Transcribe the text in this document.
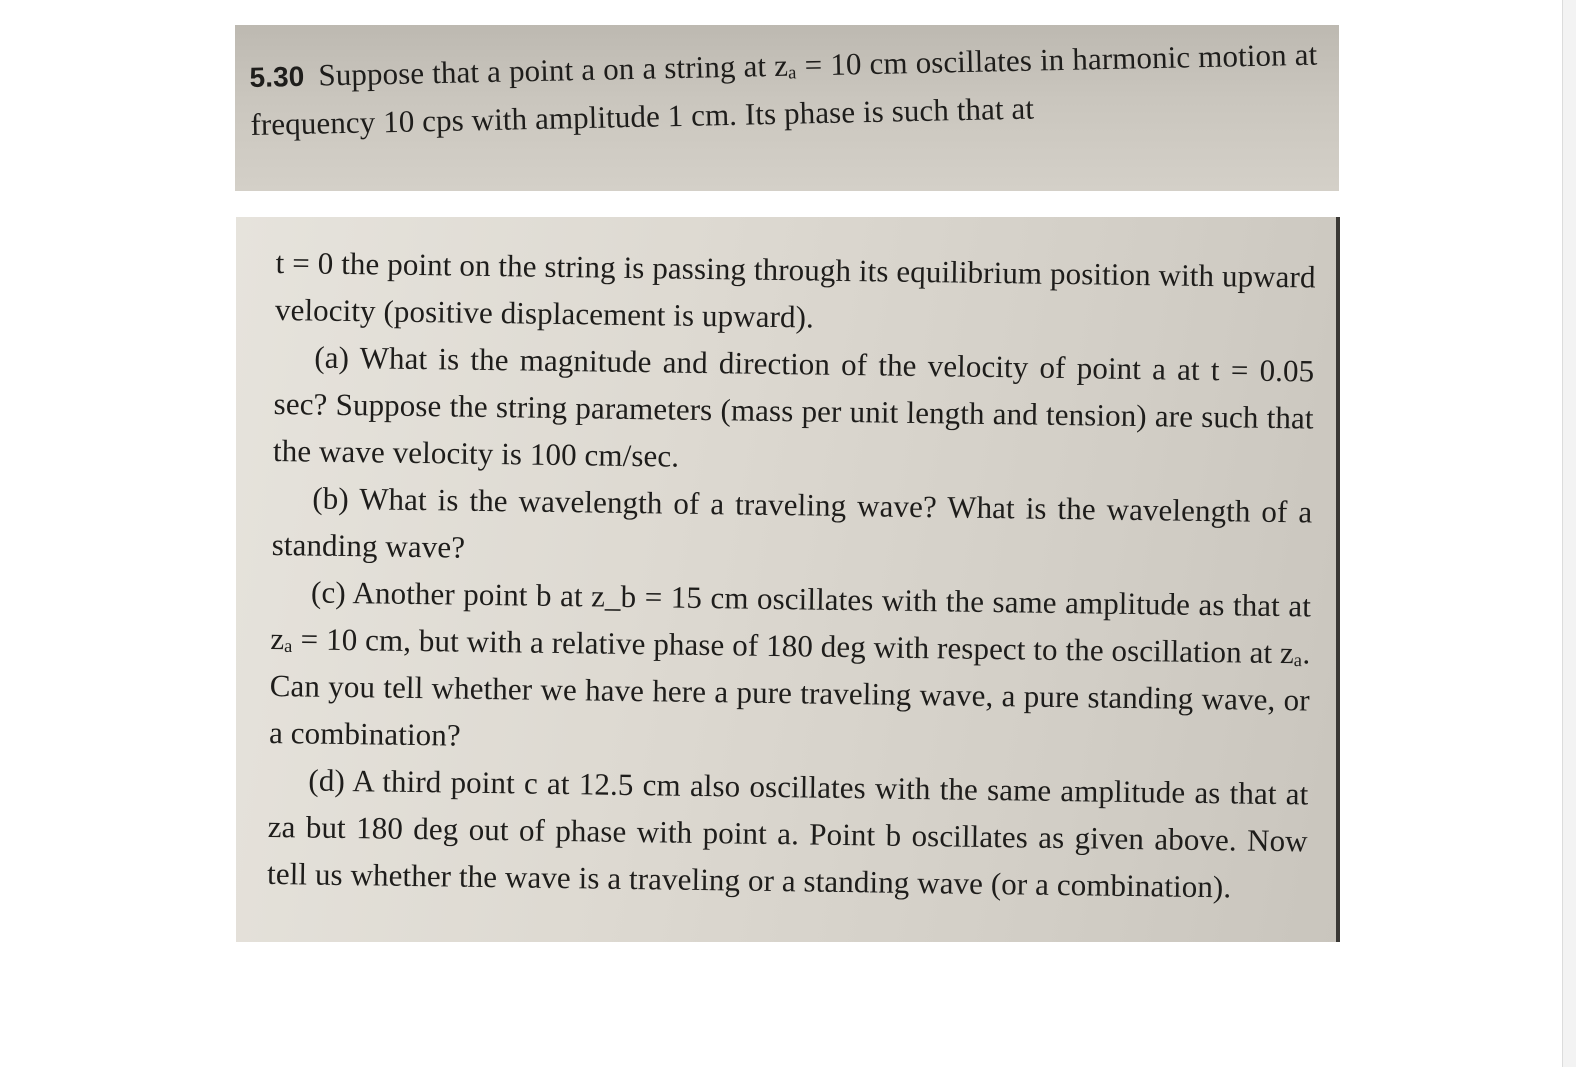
5.30 Suppose that a point a on a string at zₐ = 10 cm oscillates in harmonic motion at frequency 10 cps with amplitude 1 cm. Its phase is such that at

t = 0 the point on the string is passing through its equilibrium position with upward velocity (positive displacement is upward).
(a) What is the magnitude and direction of the velocity of point a at t = 0.05 sec? Suppose the string parameters (mass per unit length and tension) are such that the wave velocity is 100 cm/sec.
(b) What is the wavelength of a traveling wave? What is the wavelength of a standing wave?
(c) Another point b at z_b = 15 cm oscillates with the same amplitude as that at zₐ = 10 cm, but with a relative phase of 180 deg with respect to the oscillation at zₐ. Can you tell whether we have here a pure traveling wave, a pure standing wave, or a combination?
(d) A third point c at 12.5 cm also oscillates with the same amplitude as that at za but 180 deg out of phase with point a. Point b oscillates as given above. Now tell us whether the wave is a traveling or a standing wave (or a combination).
